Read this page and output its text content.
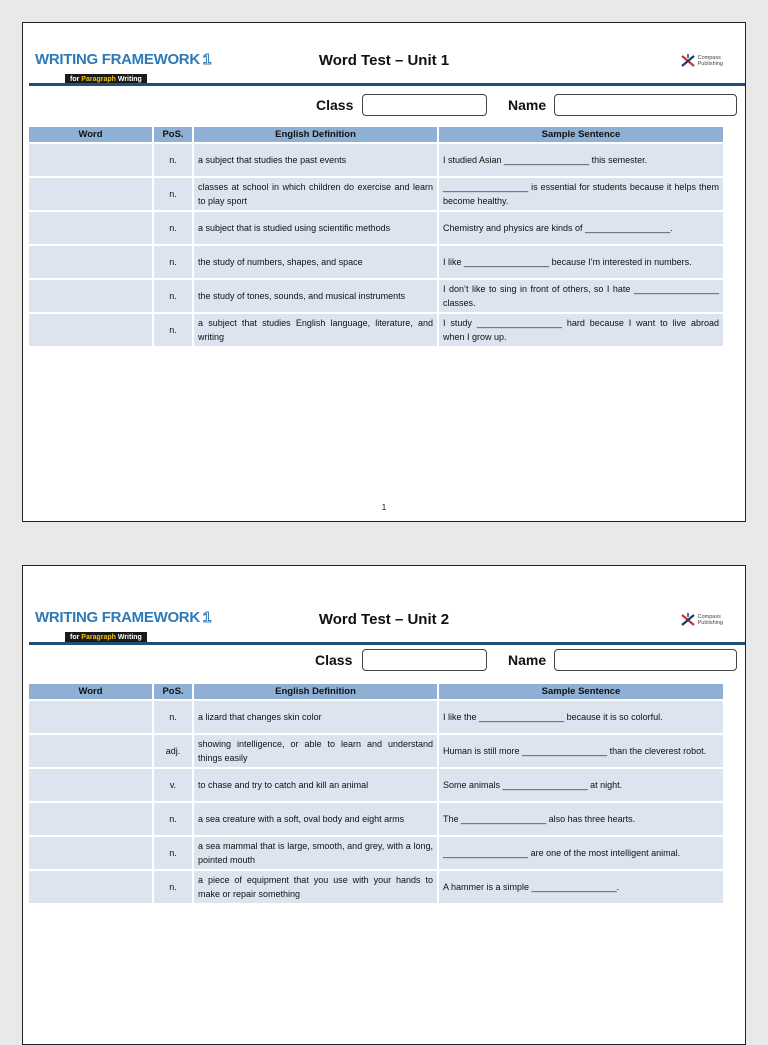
WRITING FRAMEWORK 1
for Paragraph Writing
Word Test – Unit 1	Compass
Publishing
Class	Name
Word	PoS.	English Definition	Sample Sentence
	n.	a subject that studies the past events	I studied Asian _________________ this semester.
	n.	classes at school in which children do exercise and learn to play sport	_________________ is essential for students because it helps them become healthy.
	n.	a subject that is studied using scientific methods	Chemistry and physics are kinds of _________________.
	n.	the study of numbers, shapes, and space	I like _________________ because I’m interested in numbers.
	n.	the study of tones, sounds, and musical instruments	I don’t like to sing in front of others, so I hate _________________ classes.
	n.	a subject that studies English language, literature, and writing	I study _________________ hard because I want to live abroad when I grow up.
1
WRITING FRAMEWORK 1
for Paragraph Writing
Word Test – Unit 2	Compass
Publishing
Class	Name
Word	PoS.	English Definition	Sample Sentence
	n.	a lizard that changes skin color	I like the _________________ because it is so colorful.
	adj.	showing intelligence, or able to learn and understand things easily	Human is still more _________________ than the cleverest robot.
	v.	to chase and try to catch and kill an animal	Some animals _________________ at night.
	n.	a sea creature with a soft, oval body and eight arms	The _________________ also has three hearts.
	n.	a sea mammal that is large, smooth, and grey, with a long, pointed mouth	_________________ are one of the most intelligent animal.
	n.	a piece of equipment that you use with your hands to make or repair something	A hammer is a simple _________________.
